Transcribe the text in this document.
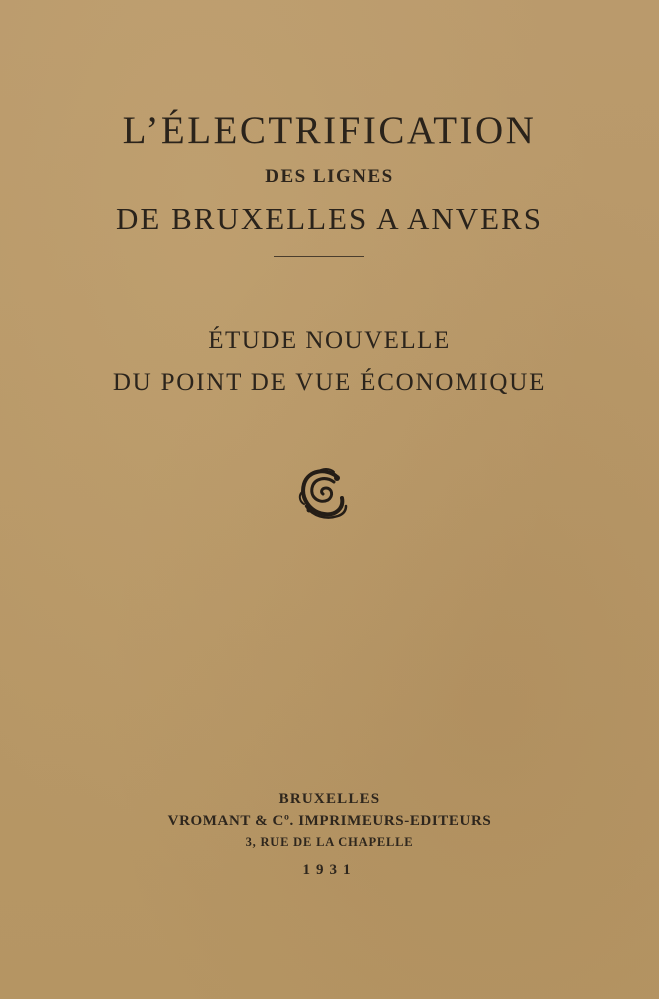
L’ÉLECTRIFICATION
DES LIGNES
DE BRUXELLES A ANVERS
ÉTUDE NOUVELLE
DU POINT DE VUE ÉCONOMIQUE
BRUXELLES
VROMANT & Cº. IMPRIMEURS-EDITEURS
3, RUE DE LA CHAPELLE
1931
